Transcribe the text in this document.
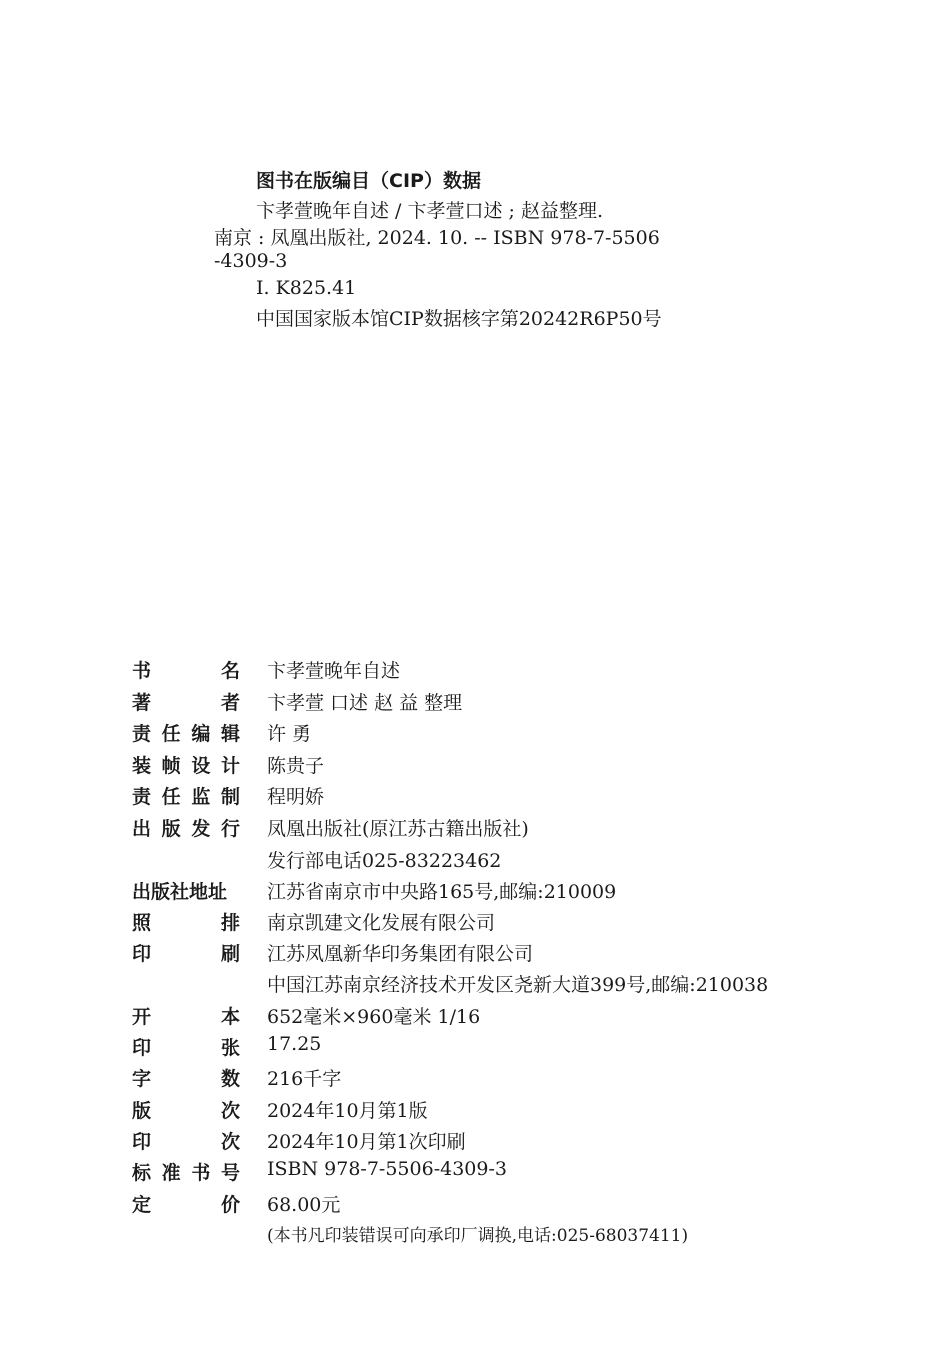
图书在版编目（CIP）数据
卞孝萱晚年自述 / 卞孝萱口述 ; 赵益整理.
南京 : 凤凰出版社, 2024. 10. -- ISBN 978-7-5506
-4309-3
Ⅰ. K825.41
中国国家版本馆CIP数据核字第20242R6P50号
书	名 卞孝萱晚年自述
著	者 卞孝萱 口述 赵 益 整理
责 任 编 辑 许 勇
装 帧 设 计 陈贵子
责 任 监 制 程明娇
出 版 发 行 凤凰出版社(原江苏古籍出版社)
发行部电话025-83223462
出版社地址 江苏省南京市中央路165号,邮编:210009
照	排 南京凯建文化发展有限公司
印	刷 江苏凤凰新华印务集团有限公司
中国江苏南京经济技术开发区尧新大道399号,邮编:210038
开	本 652毫米×960毫米 1/16
印	张 17.25
字	数 216千字
版	次 2024年10月第1版
印	次 2024年10月第1次印刷
标 准 书 号 ISBN 978-7-5506-4309-3
定	价 68.00元
(本书凡印装错误可向承印厂调换,电话:025-68037411)
